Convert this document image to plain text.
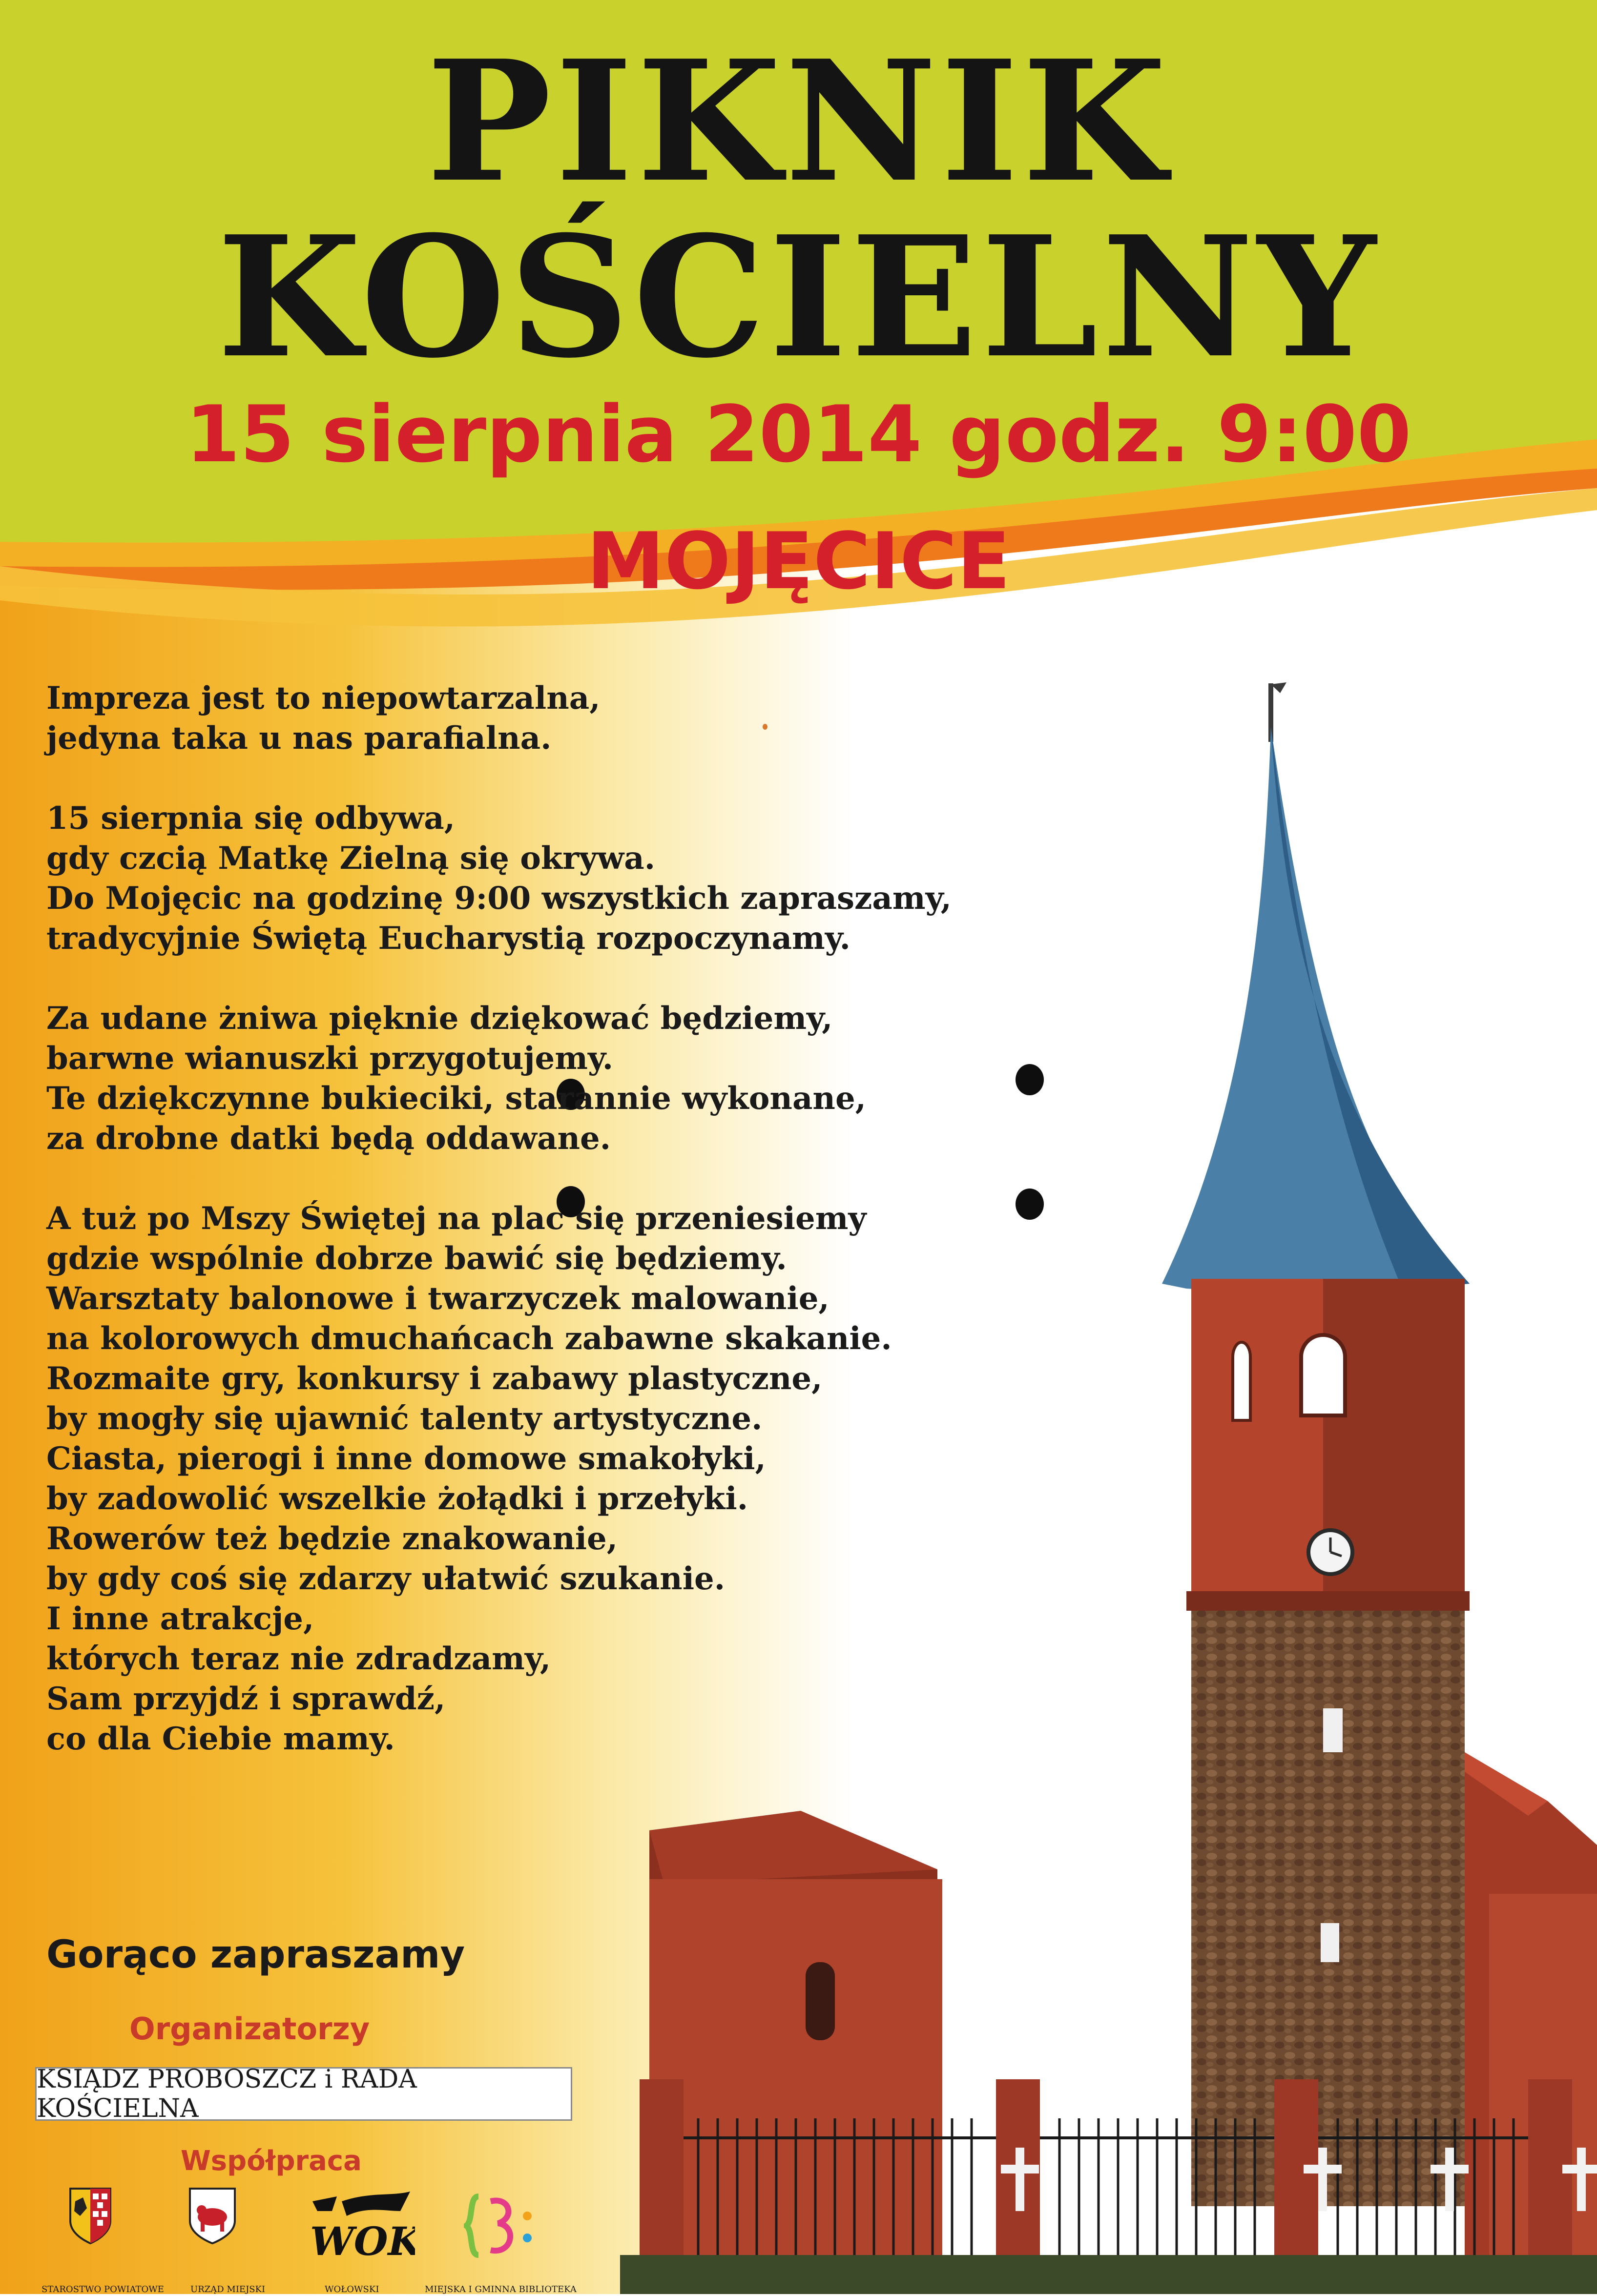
PIKNIK
KOŚCIELNY

15 sierpnia 2014 godz. 9:00

MOJĘCICE

Impreza jest to niepowtarzalna,
jedyna taka u nas parafialna.
15 sierpnia się odbywa,
gdy czcią Matkę Zielną się okrywa.
Do Mojęcic na godzinę 9:00 wszystkich zapraszamy,
tradycyjnie Świętą Eucharystią rozpoczynamy.
Za udane żniwa pięknie dziękować będziemy,
barwne wianuszki przygotujemy.
Te dziękczynne bukieciki, starannie wykonane,
za drobne datki będą oddawane.
A tuż po Mszy Świętej na plac się przeniesiemy
gdzie wspólnie dobrze bawić się będziemy.
Warsztaty balonowe i twarzyczek malowanie,
na kolorowych dmuchańcach zabawne skakanie.
Rozmaite gry, konkursy i zabawy plastyczne,
by mogły się ujawnić talenty artystyczne.
Ciasta, pierogi i inne domowe smakołyki,
by zadowolić wszelkie żołądki i przełyki.
Rowerów też będzie znakowanie,
by gdy coś się zdarzy ułatwić szukanie.
I inne atrakcje,
których teraz nie zdradzamy,
Sam przyjdź i sprawdź,
co dla Ciebie mamy.

Gorąco zapraszamy

Organizatorzy

KSIĄDZ PROBOSZCZ i RADA KOŚCIELNA

Współpraca

STAROSTWO POWIATOWE	URZĄD MIEJSKI
WOK
WOŁOWSKI	MIEJSKA I GMINNA BIBLIOTEKA
